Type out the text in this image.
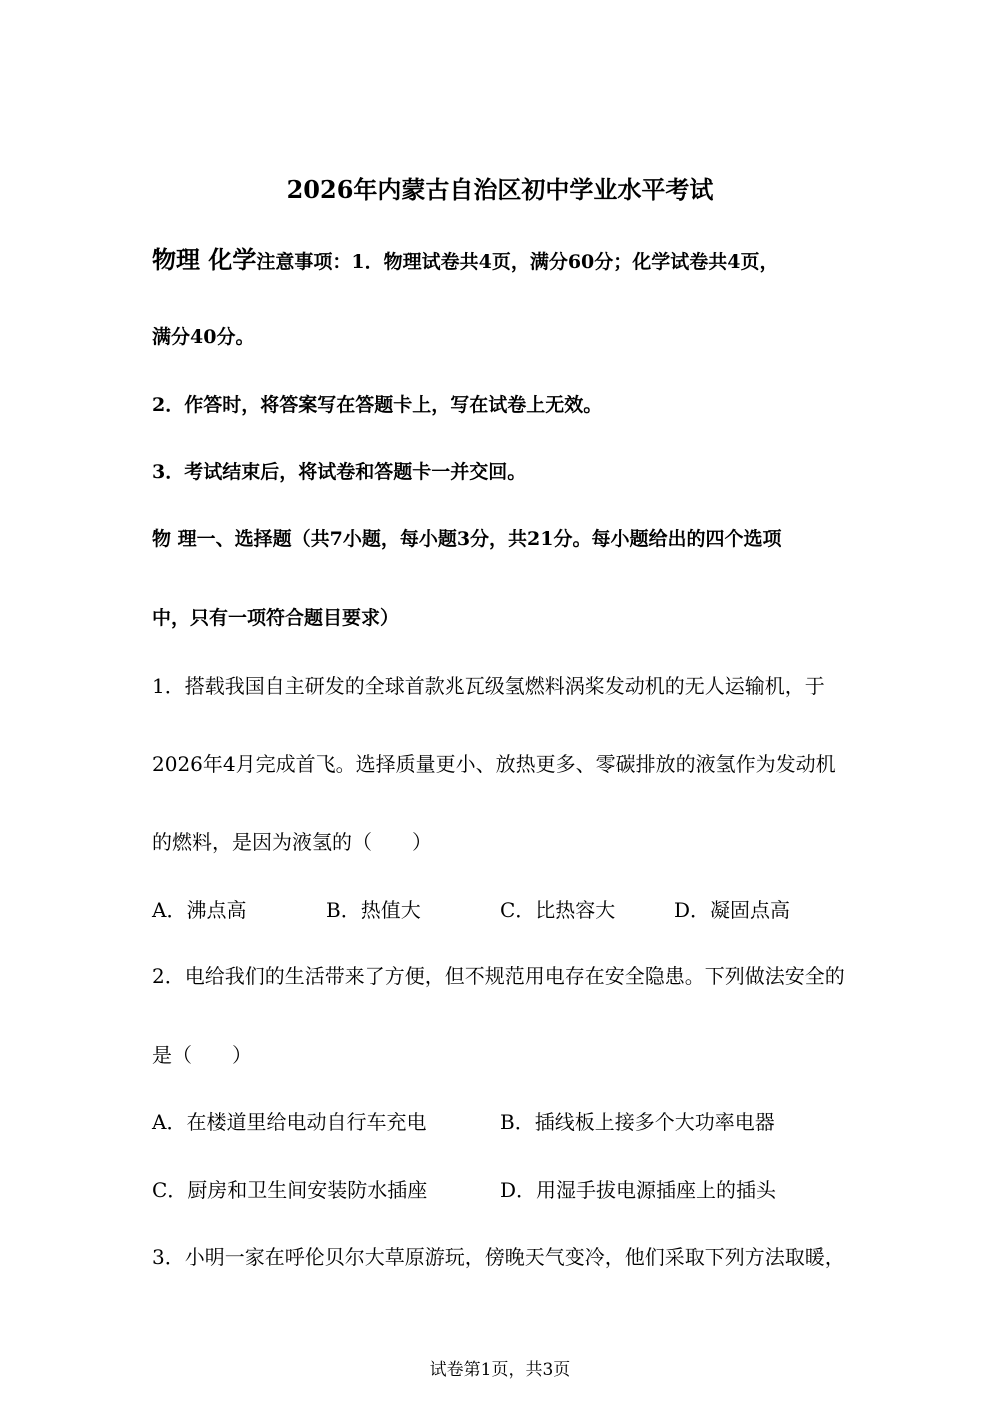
2026年内蒙古自治区初中学业水平考试
物理 化学注意事项：1．物理试卷共4页，满分60分；化学试卷共4页，
满分40分。
2．作答时，将答案写在答题卡上，写在试卷上无效。
3．考试结束后，将试卷和答题卡一并交回。
物 理一、选择题（共7小题，每小题3分，共21分。每小题给出的四个选项
中，只有一项符合题目要求）
1．搭载我国自主研发的全球首款兆瓦级氢燃料涡桨发动机的无人运输机，于
2026年4月完成首飞。选择质量更小、放热更多、零碳排放的液氢作为发动机
的燃料，是因为液氢的（　　）
A．沸点高	B．热值大	C．比热容大	D．凝固点高
2．电给我们的生活带来了方便，但不规范用电存在安全隐患。下列做法安全的
是（　　）
A．在楼道里给电动自行车充电	B．插线板上接多个大功率电器
C．厨房和卫生间安装防水插座	D．用湿手拔电源插座上的插头
3．小明一家在呼伦贝尔大草原游玩，傍晚天气变冷，他们采取下列方法取暖，
试卷第1页，共3页
